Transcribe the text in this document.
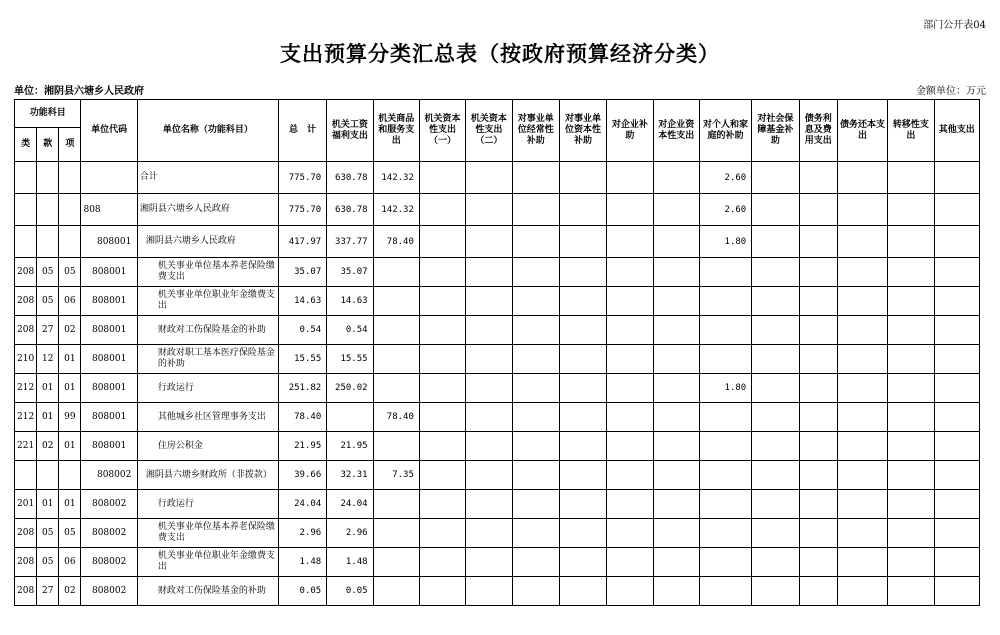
部门公开表04
支出预算分类汇总表（按政府预算经济分类）
单位：湘阴县六塘乡人民政府	金额单位：万元
功能科目			单位代码	单位名称（功能科目）	总　计	机关工资福利支出	机关商品和服务支出	机关资本性支出（一）	机关资本性支出（二）	对事业单位经常性补助	对事业单位资本性补助	对企业补助	对企业资本性支出	对个人和家庭的补助	对社会保障基金补助	债务利息及费用支出	债务还本支出	转移性支出	其他支出
类	款	项																	
				合计	775.70	630.78	142.32							2.60					
			808	湘阴县六塘乡人民政府	775.70	630.78	142.32							2.60					
			808001	湘阴县六塘乡人民政府	417.97	337.77	78.40							1.80					
208	05	05	808001	机关事业单位基本养老保险缴费支出	35.07	35.07													
208	05	06	808001	机关事业单位职业年金缴费支出	14.63	14.63													
208	27	02	808001	财政对工伤保险基金的补助	0.54	0.54													
210	12	01	808001	财政对职工基本医疗保险基金的补助	15.55	15.55													
212	01	01	808001	行政运行	251.82	250.02								1.80					
212	01	99	808001	其他城乡社区管理事务支出	78.40		78.40												
221	02	01	808001	住房公积金	21.95	21.95													
			808002	湘阴县六塘乡财政所（非拨款）	39.66	32.31	7.35												
201	01	01	808002	行政运行	24.04	24.04													
208	05	05	808002	机关事业单位基本养老保险缴费支出	2.96	2.96													
208	05	06	808002	机关事业单位职业年金缴费支出	1.48	1.48													
208	27	02	808002	财政对工伤保险基金的补助	0.05	0.05													
